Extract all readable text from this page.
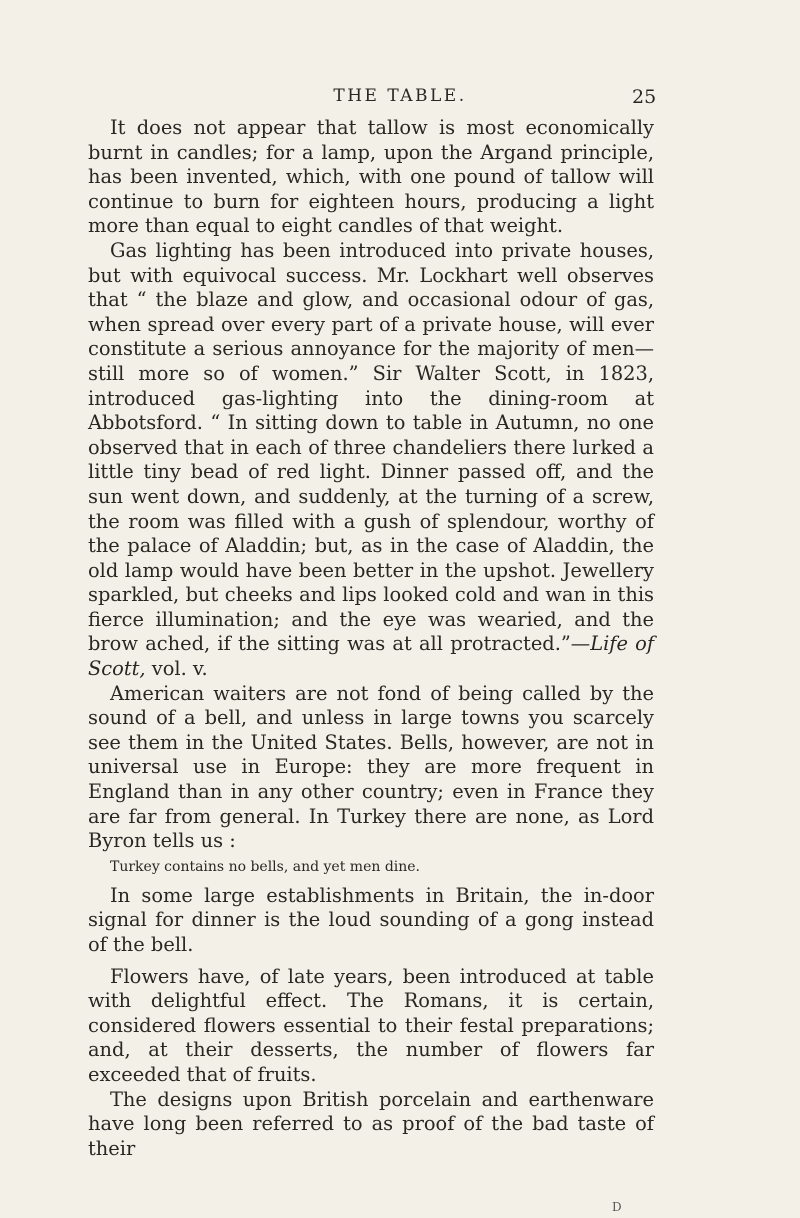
THE TABLE.	25

It does not appear that tallow is most economically burnt in candles; for a lamp, upon the Argand principle, has been invented, which, with one pound of tallow will continue to burn for eighteen hours, producing a light more than equal to eight candles of that weight.

Gas lighting has been introduced into private houses, but with equivocal success. Mr. Lockhart well observes that “ the blaze and glow, and occasional odour of gas, when spread over every part of a private house, will ever constitute a serious annoyance for the majority of men— still more so of women.” Sir Walter Scott, in 1823, introduced gas-lighting into the dining-room at Abbotsford. “ In sitting down to table in Autumn, no one observed that in each of three chandeliers there lurked a little tiny bead of red light. Dinner passed off, and the sun went down, and suddenly, at the turning of a screw, the room was filled with a gush of splendour, worthy of the palace of Aladdin; but, as in the case of Aladdin, the old lamp would have been better in the upshot. Jewellery sparkled, but cheeks and lips looked cold and wan in this fierce illumination; and the eye was wearied, and the brow ached, if the sitting was at all protracted.”—Life of Scott, vol. v.

American waiters are not fond of being called by the sound of a bell, and unless in large towns you scarcely see them in the United States. Bells, however, are not in universal use in Europe: they are more frequent in England than in any other country; even in France they are far from general. In Turkey there are none, as Lord Byron tells us :

Turkey contains no bells, and yet men dine.

In some large establishments in Britain, the in-door signal for dinner is the loud sounding of a gong instead of the bell.

Flowers have, of late years, been introduced at table with delightful effect. The Romans, it is certain, considered flowers essential to their festal preparations; and, at their desserts, the number of flowers far exceeded that of fruits.

The designs upon British porcelain and earthenware have long been referred to as proof of the bad taste of their

D
